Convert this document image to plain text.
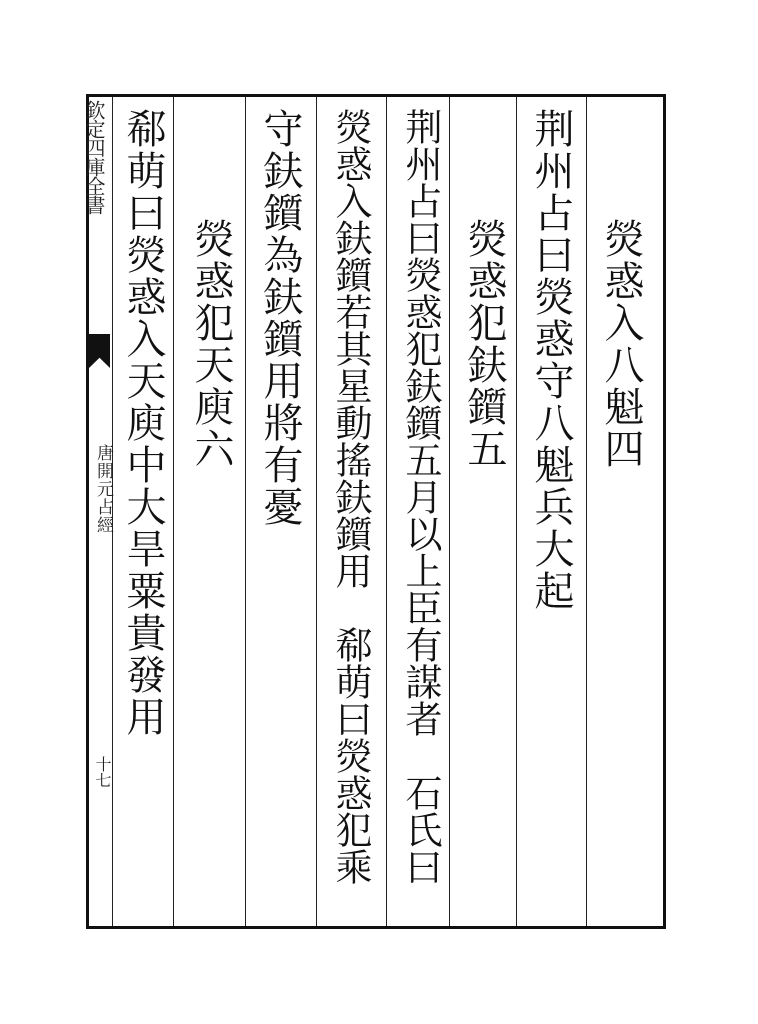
欽定四庫全書
唐開元占經
十七
熒惑入八魁四
荆州占曰熒惑守八魁兵大起
熒惑犯鈇鑕五
荆州占曰熒惑犯鈇鑕五月以上臣有謀者　石氏曰
熒惑入鈇鑕若其星動搖鈇鑕用　郗萌曰熒惑犯乘
守鈇鑕為鈇鑕用將有憂
熒惑犯天庾六
郗萌曰熒惑入天庾中大旱粟貴發用
